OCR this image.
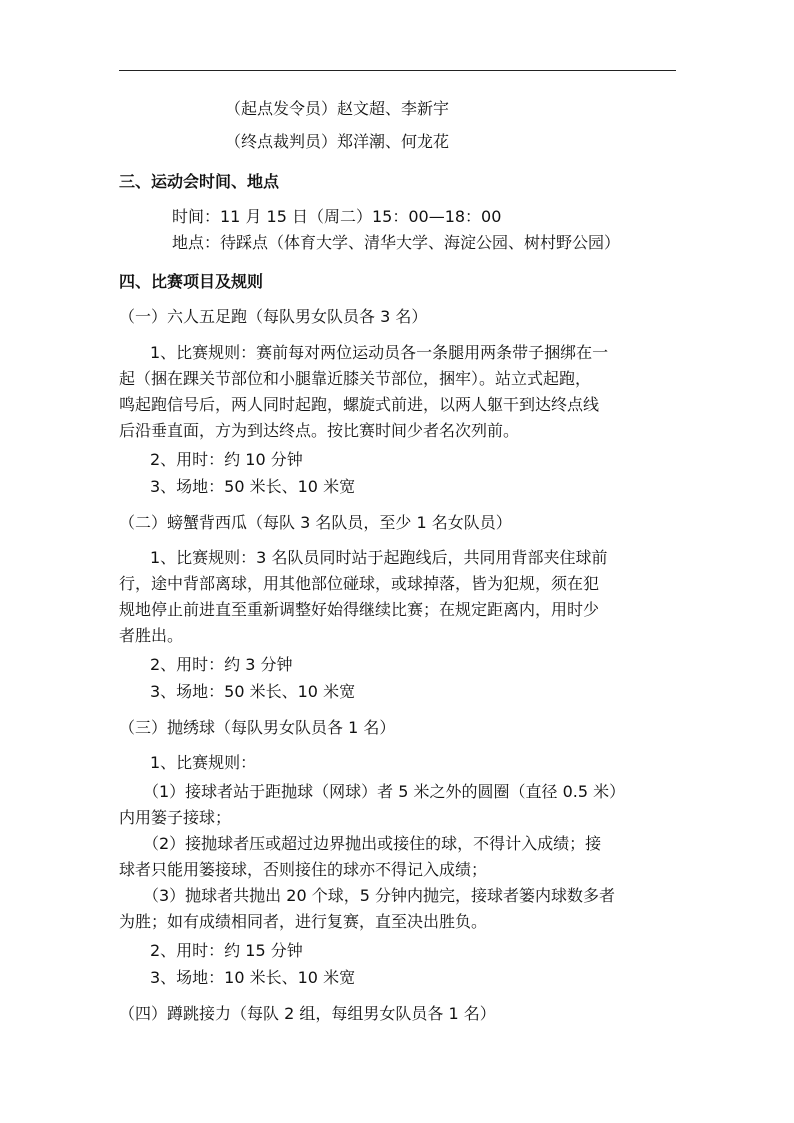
（起点发令员）赵文超、李新宇
（终点裁判员）郑洋潮、何龙花
三、运动会时间、地点
时间：11 月 15 日（周二）15：00—18：00
地点：待踩点（体育大学、清华大学、海淀公园、树村野公园）
四、比赛项目及规则
（一）六人五足跑（每队男女队员各 3 名）
1、比赛规则：赛前每对两位运动员各一条腿用两条带子捆绑在一
起（捆在踝关节部位和小腿靠近膝关节部位，捆牢）。站立式起跑，
鸣起跑信号后，两人同时起跑，螺旋式前进，以两人躯干到达终点线
后沿垂直面，方为到达终点。按比赛时间少者名次列前。
2、用时：约 10 分钟
3、场地：50 米长、10 米宽
（二）螃蟹背西瓜（每队 3 名队员，至少 1 名女队员）
1、比赛规则：3 名队员同时站于起跑线后，共同用背部夹住球前
行，途中背部离球，用其他部位碰球，或球掉落，皆为犯规，须在犯
规地停止前进直至重新调整好始得继续比赛；在规定距离内，用时少
者胜出。
2、用时：约 3 分钟
3、场地：50 米长、10 米宽
（三）抛绣球（每队男女队员各 1 名）
1、比赛规则：
（1）接球者站于距抛球（网球）者 5 米之外的圆圈（直径 0.5 米）
内用篓子接球；
（2）接抛球者压或超过边界抛出或接住的球，不得计入成绩；接
球者只能用篓接球，否则接住的球亦不得记入成绩；
（3）抛球者共抛出 20 个球，5 分钟内抛完，接球者篓内球数多者
为胜；如有成绩相同者，进行复赛，直至决出胜负。
2、用时：约 15 分钟
3、场地：10 米长、10 米宽
（四）蹲跳接力（每队 2 组，每组男女队员各 1 名）
